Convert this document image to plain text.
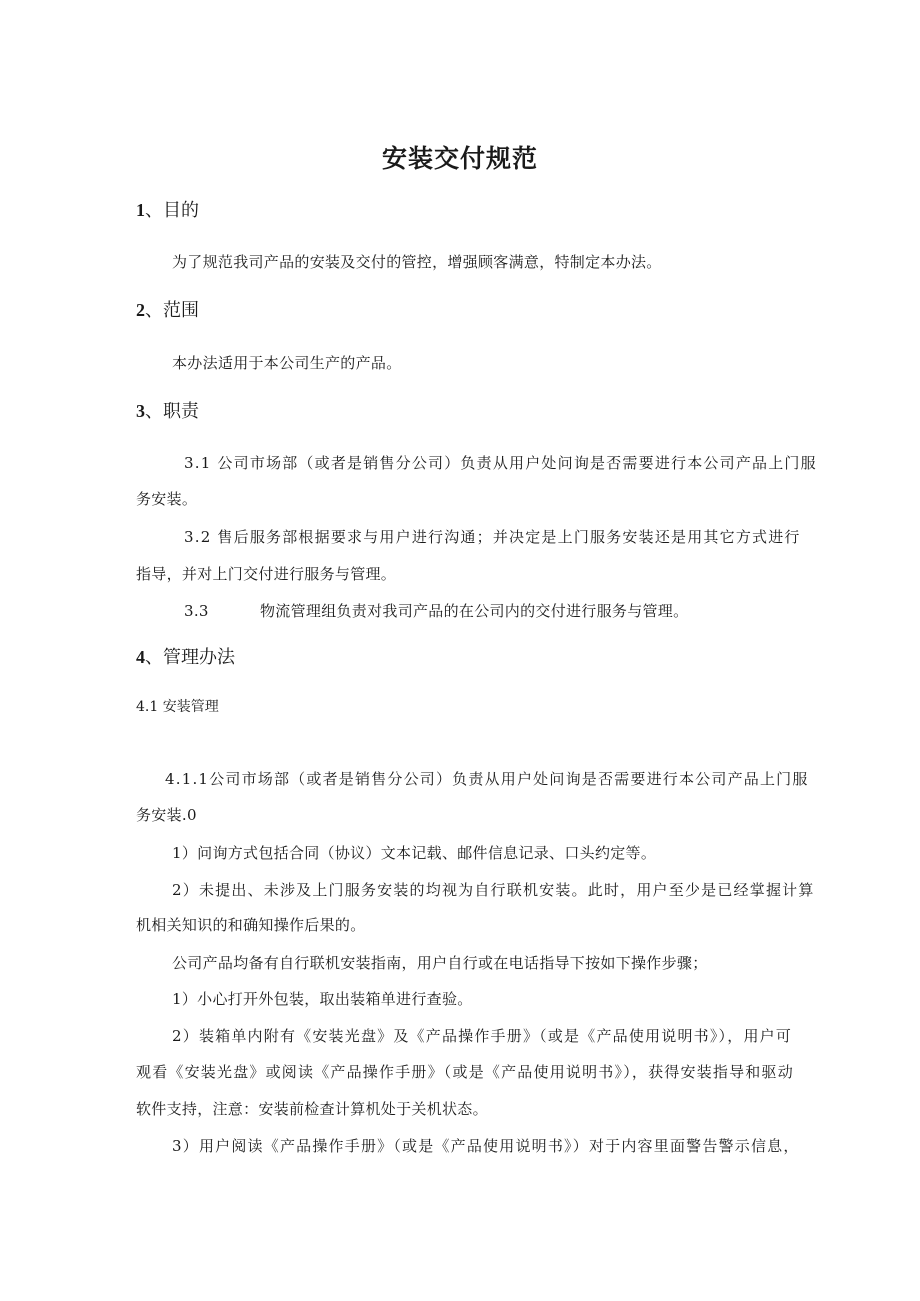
安装交付规范
1、目的

为了规范我司产品的安装及交付的管控，增强顾客满意，特制定本办法。

2、范围

本办法适用于本公司生产的产品。

3、职责

3.1 公司市场部（或者是销售分公司）负责从用户处问询是否需要进行本公司产品上门服

务安装。

3.2 售后服务部根据要求与用户进行沟通；并决定是上门服务安装还是用其它方式进行

指导，并对上门交付进行服务与管理。

3.3	物流管理组负责对我司产品的在公司内的交付进行服务与管理。

4、管理办法

4.1 安装管理

4.1.1公司市场部（或者是销售分公司）负责从用户处问询是否需要进行本公司产品上门服

务安装.0

1）问询方式包括合同（协议）文本记载、邮件信息记录、口头约定等。

2）未提出、未涉及上门服务安装的均视为自行联机安装。此时，用户至少是已经掌握计算

机相关知识的和确知操作后果的。

公司产品均备有自行联机安装指南，用户自行或在电话指导下按如下操作步骤；

1）小心打开外包装，取出装箱单进行查验。

2）装箱单内附有《安装光盘》及《产品操作手册》（或是《产品使用说明书》），用户可

观看《安装光盘》或阅读《产品操作手册》（或是《产品使用说明书》），获得安装指导和驱动

软件支持，注意：安装前检查计算机处于关机状态。

3）用户阅读《产品操作手册》（或是《产品使用说明书》）对于内容里面警告警示信息，
